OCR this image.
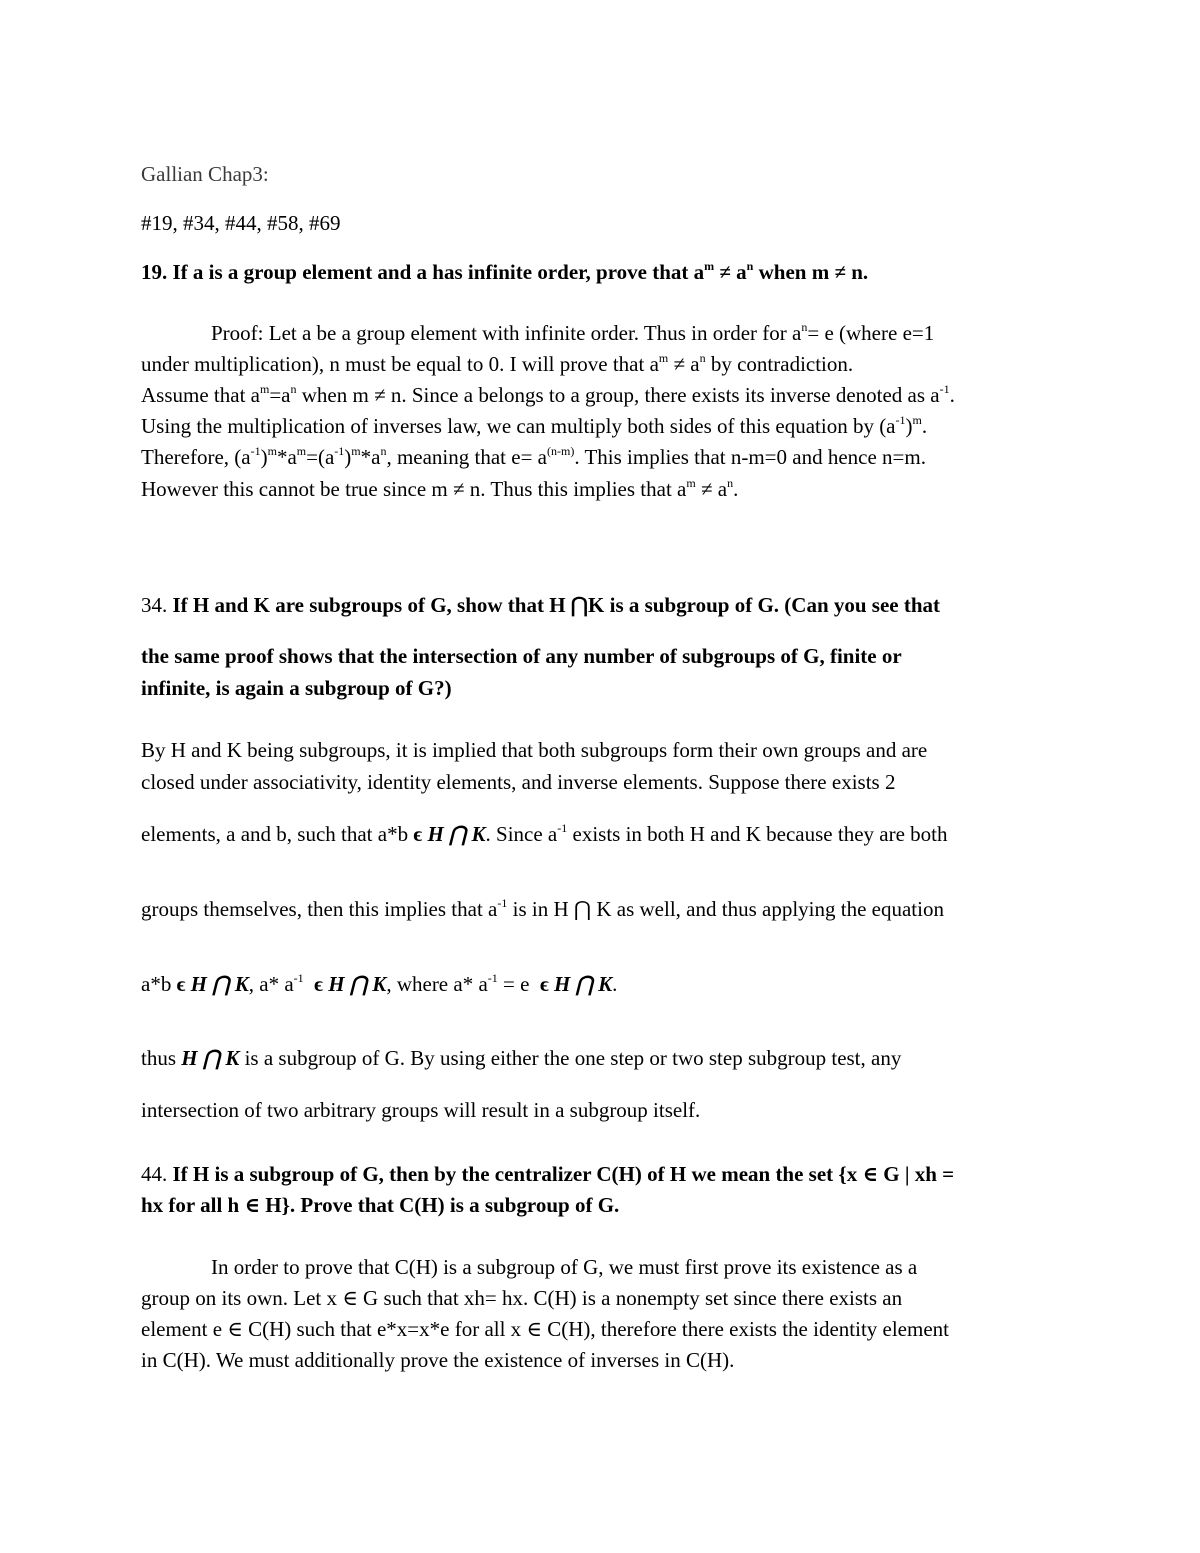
Gallian Chap3:
#19, #34, #44, #58, #69
19. If a is a group element and a has infinite order, prove that $a^m \ne a^n$ when m ≠ n.
Proof: Let a be a group element with infinite order. Thus in order for $a^n= e$ (where e=1
under multiplication), n must be equal to 0. I will prove that $a^m \ne a^n$ by contradiction.
Assume that $a^m=a^n$ when m ≠ n. Since a belongs to a group, there exists its inverse denoted as $a^{-1}$.
Using the multiplication of inverses law, we can multiply both sides of this equation by $(a^{-1})^m$.
Therefore, $(a^{-1})^m*a^m=(a^{-1})^m*a^n$, meaning that $e= a^{(n-m)}$. This implies that n-m=0 and hence n=m.
However this cannot be true since m ≠ n. Thus this implies that $a^m \ne a^n$.
34. If H and K are subgroups of G, show that H ⋂K is a subgroup of G. (Can you see that
the same proof shows that the intersection of any number of subgroups of G, finite or
infinite, is again a subgroup of G?)
By H and K being subgroups, it is implied that both subgroups form their own groups and are
closed under associativity, identity elements, and inverse elements. Suppose there exists 2
elements, a and b, such that a*b ϵ H ⋂ K. Since $a^{-1}$ exists in both H and K because they are both
groups themselves, then this implies that $a^{-1}$ is in H ⋂ K as well, and thus applying the equation
a*b ϵ H ⋂ K, a* $a^{-1}$ ϵ H ⋂ K, where a* $a^{-1} = e$  ϵ H ⋂ K.
thus H ⋂ K is a subgroup of G. By using either the one step or two step subgroup test, any
intersection of two arbitrary groups will result in a subgroup itself.
44. If H is a subgroup of G, then by the centralizer C(H) of H we mean the set {x ∈ G | xh =
hx for all h ∈ H}. Prove that C(H) is a subgroup of G.
In order to prove that C(H) is a subgroup of G, we must first prove its existence as a
group on its own. Let x ∈ G such that xh= hx. C(H) is a nonempty set since there exists an
element e ∈ C(H) such that e*x=x*e for all x ∈ C(H), therefore there exists the identity element
in C(H). We must additionally prove the existence of inverses in C(H).
